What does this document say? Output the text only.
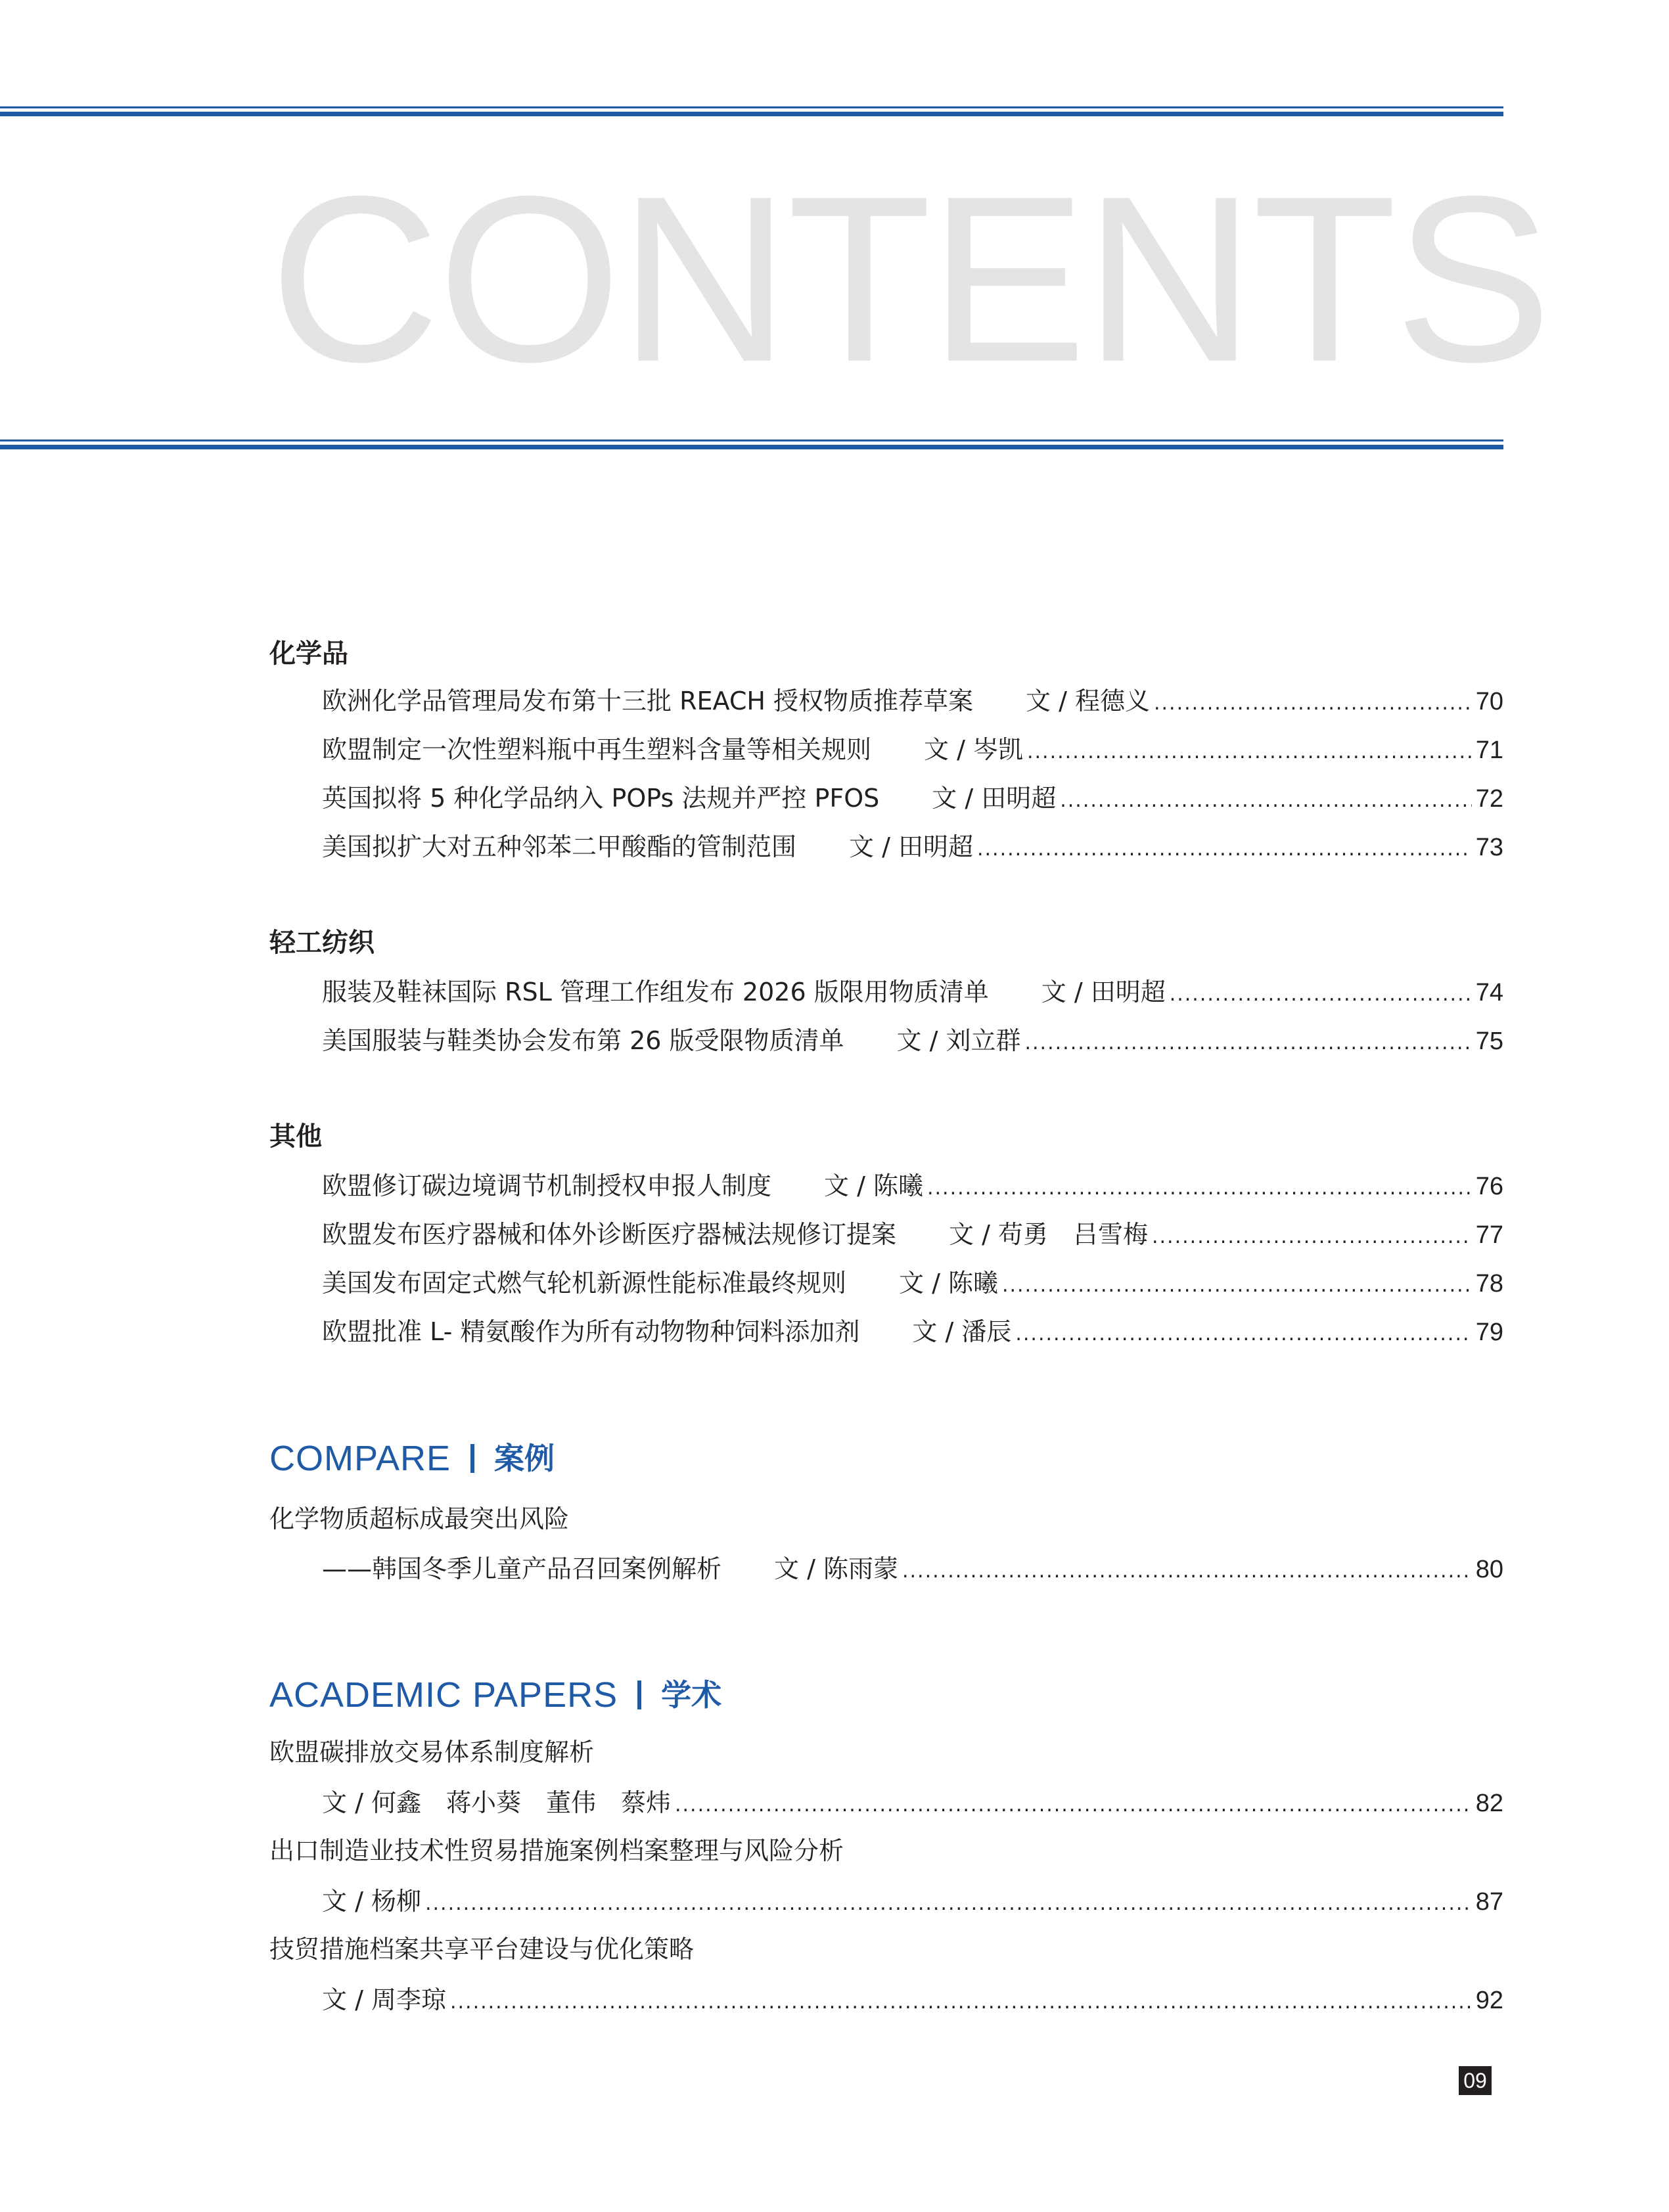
CONTENTS
化学品
欧洲化学品管理局发布第十三批 REACH 授权物质推荐草案 文 / 程德义 .....	70
欧盟制定一次性塑料瓶中再生塑料含量等相关规则 文 / 岑凯 .....	71
英国拟将 5 种化学品纳入 POPs 法规并严控 PFOS 文 / 田明超 .....	72
美国拟扩大对五种邻苯二甲酸酯的管制范围 文 / 田明超 .....	73
轻工纺织
服装及鞋袜国际 RSL 管理工作组发布 2026 版限用物质清单 文 / 田明超 .....	74
美国服装与鞋类协会发布第 26 版受限物质清单 文 / 刘立群 .....	75
其他
欧盟修订碳边境调节机制授权申报人制度 文 / 陈曦 .....	76
欧盟发布医疗器械和体外诊断医疗器械法规修订提案 文 / 苟勇　吕雪梅 .....	77
美国发布固定式燃气轮机新源性能标准最终规则 文 / 陈曦 .....	78
欧盟批准 L- 精氨酸作为所有动物物种饲料添加剂 文 / 潘辰 .....	79
COMPARE 案例
化学物质超标成最突出风险
——韩国冬季儿童产品召回案例解析 文 / 陈雨蒙 .....	80
ACADEMIC PAPERS 学术
欧盟碳排放交易体系制度解析
文 / 何鑫　蒋小葵　董伟　蔡炜 .....	82
出口制造业技术性贸易措施案例档案整理与风险分析
文 / 杨柳 .....	87
技贸措施档案共享平台建设与优化策略
文 / 周李琼 .....	92
09
